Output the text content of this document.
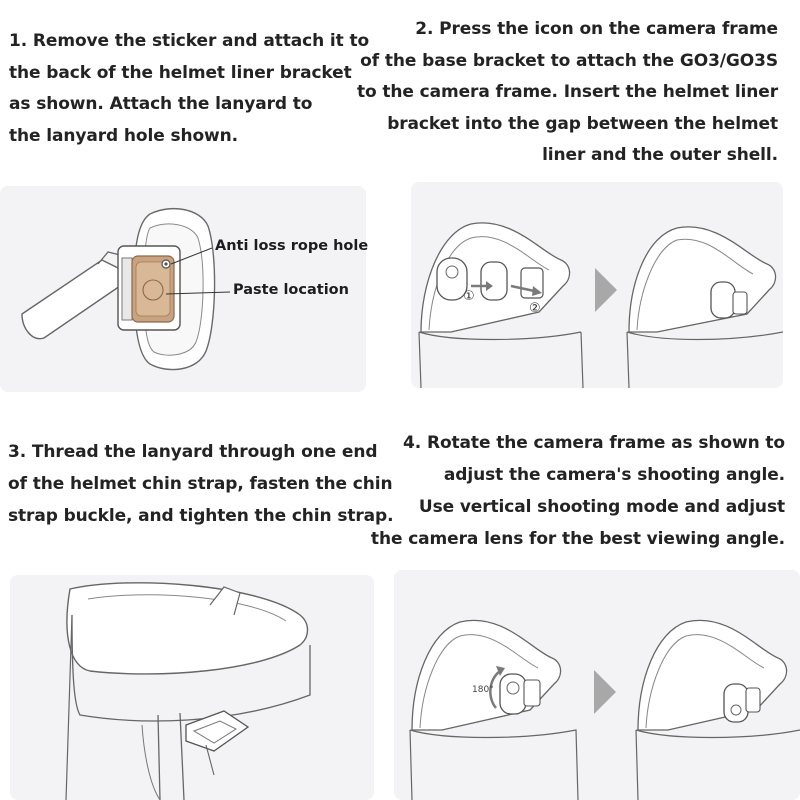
1. Remove the sticker and attach it to

the back of the helmet liner bracket

as shown. Attach the lanyard to

the lanyard hole shown.

2. Press the icon on the camera frame

of the base bracket to attach the GO3/GO3S

to the camera frame. Insert the helmet liner

bracket into the gap between the helmet

liner and the outer shell.

3. Thread the lanyard through one end

of the helmet chin strap, fasten the chin

strap buckle, and tighten the chin strap.

4. Rotate the camera frame as shown to

adjust the camera's shooting angle.

Use vertical shooting mode and adjust

the camera lens for the best viewing angle.

Anti loss rope hole
Paste location	①
②
180°
